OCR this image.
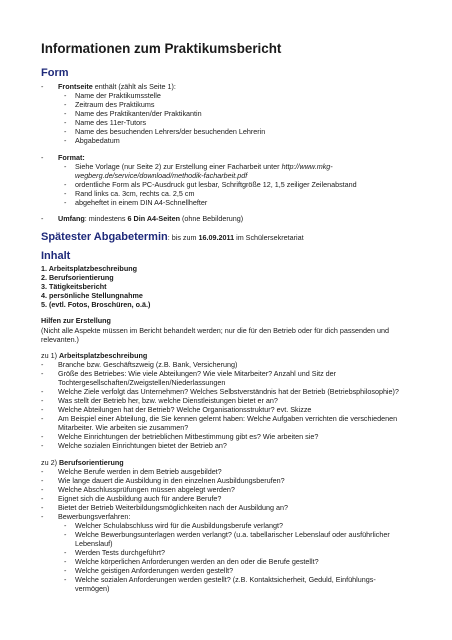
Informationen zum Praktikumsbericht
Form
- Frontseite enthält (zählt als Seite 1):
- Name der Praktikumsstelle
- Zeitraum des Praktikums
- Name des Praktikanten/der Praktikantin
- Name des 11er-Tutors
- Name des besuchenden Lehrers/der besuchenden Lehrerin
- Abgabedatum
- Format:
- Siehe Vorlage (nur Seite 2) zur Erstellung einer Facharbeit unter http://www.mkg-
wegberg.de/service/download/methodik-facharbeit.pdf
- ordentliche Form als PC-Ausdruck gut lesbar, Schriftgröße 12, 1,5 zeiliger Zeilenabstand
- Rand links ca. 3cm, rechts ca. 2,5 cm
- abgeheftet in einem DIN A4-Schnellhefter
- Umfang: mindestens 6 Din A4-Seiten (ohne Bebilderung)
Spätester Abgabetermin: bis zum 16.09.2011 im Schülersekretariat
Inhalt
1. Arbeitsplatzbeschreibung
2. Berufsorientierung
3. Tätigkeitsbericht
4. persönliche Stellungnahme
5. (evtl. Fotos, Broschüren, o.ä.)
Hilfen zur Erstellung
(Nicht alle Aspekte müssen im Bericht behandelt werden; nur die für den Betrieb oder für dich passenden und
relevanten.)
zu 1) Arbeitsplatzbeschreibung
- Branche bzw. Geschäftszweig (z.B. Bank, Versicherung)
- Größe des Betriebes: Wie viele Abteilungen? Wie viele Mitarbeiter? Anzahl und Sitz der
Tochtergesellschaften/Zweigstellen/Niederlassungen
- Welche Ziele verfolgt das Unternehmen? Welches Selbstverständnis hat der Betrieb (Betriebsphilosophie)?
- Was stellt der Betrieb her, bzw. welche Dienstleistungen bietet er an?
- Welche Abteilungen hat der Betrieb? Welche Organisationsstruktur? evt. Skizze
- Am Beispiel einer Abteilung, die Sie kennen gelernt haben: Welche Aufgaben verrichten die verschiedenen
Mitarbeiter. Wie arbeiten sie zusammen?
- Welche Einrichtungen der betrieblichen Mitbestimmung gibt es? Wie arbeiten sie?
- Welche sozialen Einrichtungen bietet der Betrieb an?
zu 2) Berufsorientierung
- Welche Berufe werden in dem Betrieb ausgebildet?
- Wie lange dauert die Ausbildung in den einzelnen Ausbildungsberufen?
- Welche Abschlussprüfungen müssen abgelegt werden?
- Eignet sich die Ausbildung auch für andere Berufe?
- Bietet der Betrieb Weiterbildungsmöglichkeiten nach der Ausbildung an?
- Bewerbungsverfahren:
- Welcher Schulabschluss wird für die Ausbildungsberufe verlangt?
- Welche Bewerbungsunterlagen werden verlangt? (u.a. tabellarischer Lebenslauf oder ausführlicher
Lebenslauf)
- Werden Tests durchgeführt?
- Welche körperlichen Anforderungen werden an den oder die Berufe gestellt?
- Welche geistigen Anforderungen werden gestellt?
- Welche sozialen Anforderungen werden gestellt? (z.B. Kontaktsicherheit, Geduld, Einfühlungs-
vermögen)
